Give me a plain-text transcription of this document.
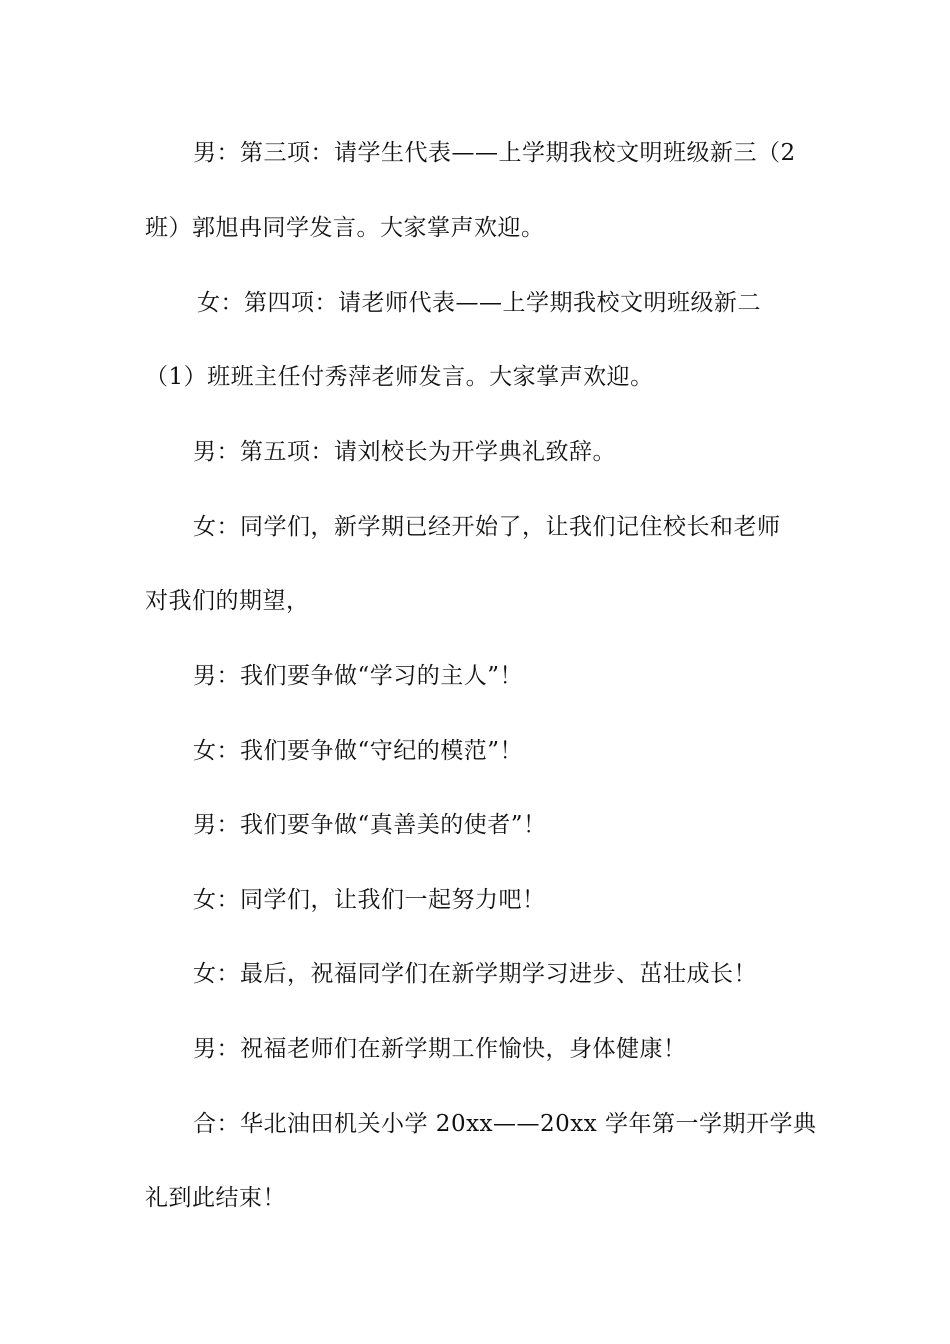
男：第三项：请学生代表——上学期我校文明班级新三（2
班）郭旭冉同学发言。大家掌声欢迎。
女：第四项：请老师代表——上学期我校文明班级新二
（1）班班主任付秀萍老师发言。大家掌声欢迎。
男：第五项：请刘校长为开学典礼致辞。
女：同学们，新学期已经开始了，让我们记住校长和老师
对我们的期望，
男：我们要争做“学习的主人”！
女：我们要争做“守纪的模范”！
男：我们要争做“真善美的使者”！
女：同学们，让我们一起努力吧！
女：最后，祝福同学们在新学期学习进步、茁壮成长！
男：祝福老师们在新学期工作愉快，身体健康！
合：华北油田机关小学 20xx——20xx 学年第一学期开学典
礼到此结束！
